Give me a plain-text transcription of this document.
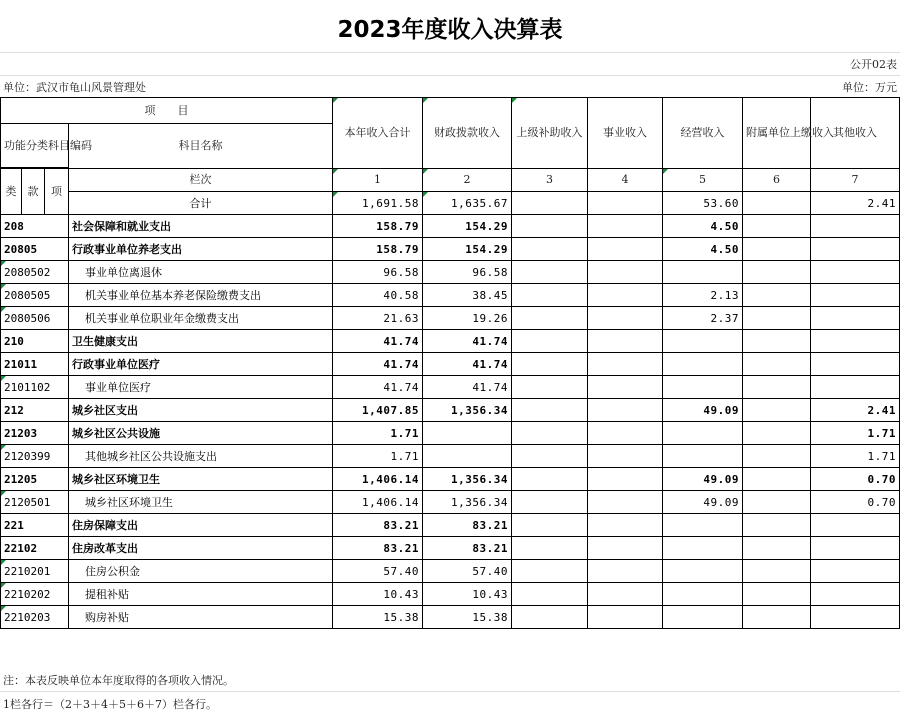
2023年度收入决算表
公开02表
单位：武汉市龟山风景管理处	单位：万元
项　　目				本年收入合计	财政拨款收入	上级补助收入	事业收入	经营收入	附属单位上缴收入	其他收入
功能分类科目编码			科目名称							

类	款	项	栏次	1	2	3	4	5	6	7
			合计	1,691.58	1,635.67			53.60		2.41
208			社会保障和就业支出	158.79	154.29			4.50		
20805			行政事业单位养老支出	158.79	154.29			4.50		
2080502			事业单位离退休	96.58	96.58					
2080505			机关事业单位基本养老保险缴费支出	40.58	38.45			2.13		
2080506			机关事业单位职业年金缴费支出	21.63	19.26			2.37		
210			卫生健康支出	41.74	41.74					
21011			行政事业单位医疗	41.74	41.74					
2101102			事业单位医疗	41.74	41.74					
212			城乡社区支出	1,407.85	1,356.34			49.09		2.41
21203			城乡社区公共设施	1.71						1.71
2120399			其他城乡社区公共设施支出	1.71						1.71
21205			城乡社区环境卫生	1,406.14	1,356.34			49.09		0.70
2120501			城乡社区环境卫生	1,406.14	1,356.34			49.09		0.70
221			住房保障支出	83.21	83.21					
22102			住房改革支出	83.21	83.21					
2210201			住房公积金	57.40	57.40					
2210202			提租补贴	10.43	10.43					
2210203			购房补贴	15.38	15.38					
注：本表反映单位本年度取得的各项收入情况。
1栏各行＝（2＋3＋4＋5＋6＋7）栏各行。
